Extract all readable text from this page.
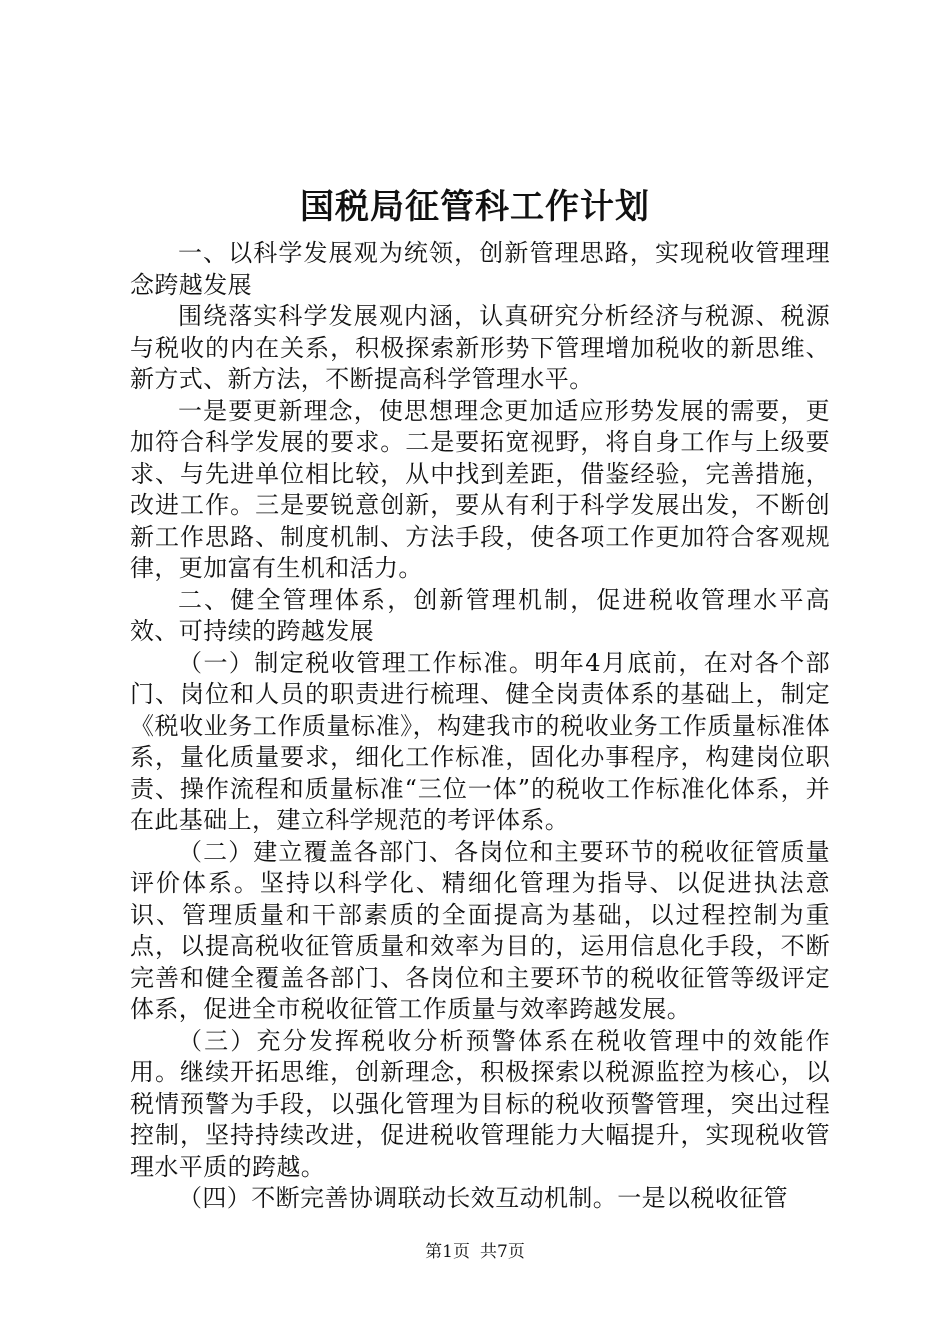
国税局征管科工作计划

一、以科学发展观为统领，创新管理思路，实现税收管理理念跨越发展

围绕落实科学发展观内涵，认真研究分析经济与税源、税源与税收的内在关系，积极探索新形势下管理增加税收的新思维、新方式、新方法，不断提高科学管理水平。

一是要更新理念，使思想理念更加适应形势发展的需要，更加符合科学发展的要求。二是要拓宽视野，将自身工作与上级要求、与先进单位相比较，从中找到差距，借鉴经验，完善措施，改进工作。三是要锐意创新，要从有利于科学发展出发，不断创新工作思路、制度机制、方法手段，使各项工作更加符合客观规律，更加富有生机和活力。

二、健全管理体系，创新管理机制，促进税收管理水平高效、可持续的跨越发展

（一）制定税收管理工作标准。明年4月底前，在对各个部门、岗位和人员的职责进行梳理、健全岗责体系的基础上，制定《税收业务工作质量标准》，构建我市的税收业务工作质量标准体系，量化质量要求，细化工作标准，固化办事程序，构建岗位职责、操作流程和质量标准“三位一体”的税收工作标准化体系，并在此基础上，建立科学规范的考评体系。

（二）建立覆盖各部门、各岗位和主要环节的税收征管质量评价体系。坚持以科学化、精细化管理为指导、以促进执法意识、管理质量和干部素质的全面提高为基础，以过程控制为重点，以提高税收征管质量和效率为目的，运用信息化手段，不断完善和健全覆盖各部门、各岗位和主要环节的税收征管等级评定体系，促进全市税收征管工作质量与效率跨越发展。

（三）充分发挥税收分析预警体系在税收管理中的效能作用。继续开拓思维，创新理念，积极探索以税源监控为核心，以税情预警为手段，以强化管理为目标的税收预警管理，突出过程控制，坚持持续改进，促进税收管理能力大幅提升，实现税收管理水平质的跨越。

（四）不断完善协调联动长效互动机制。一是以税收征管

第1页 共7页
